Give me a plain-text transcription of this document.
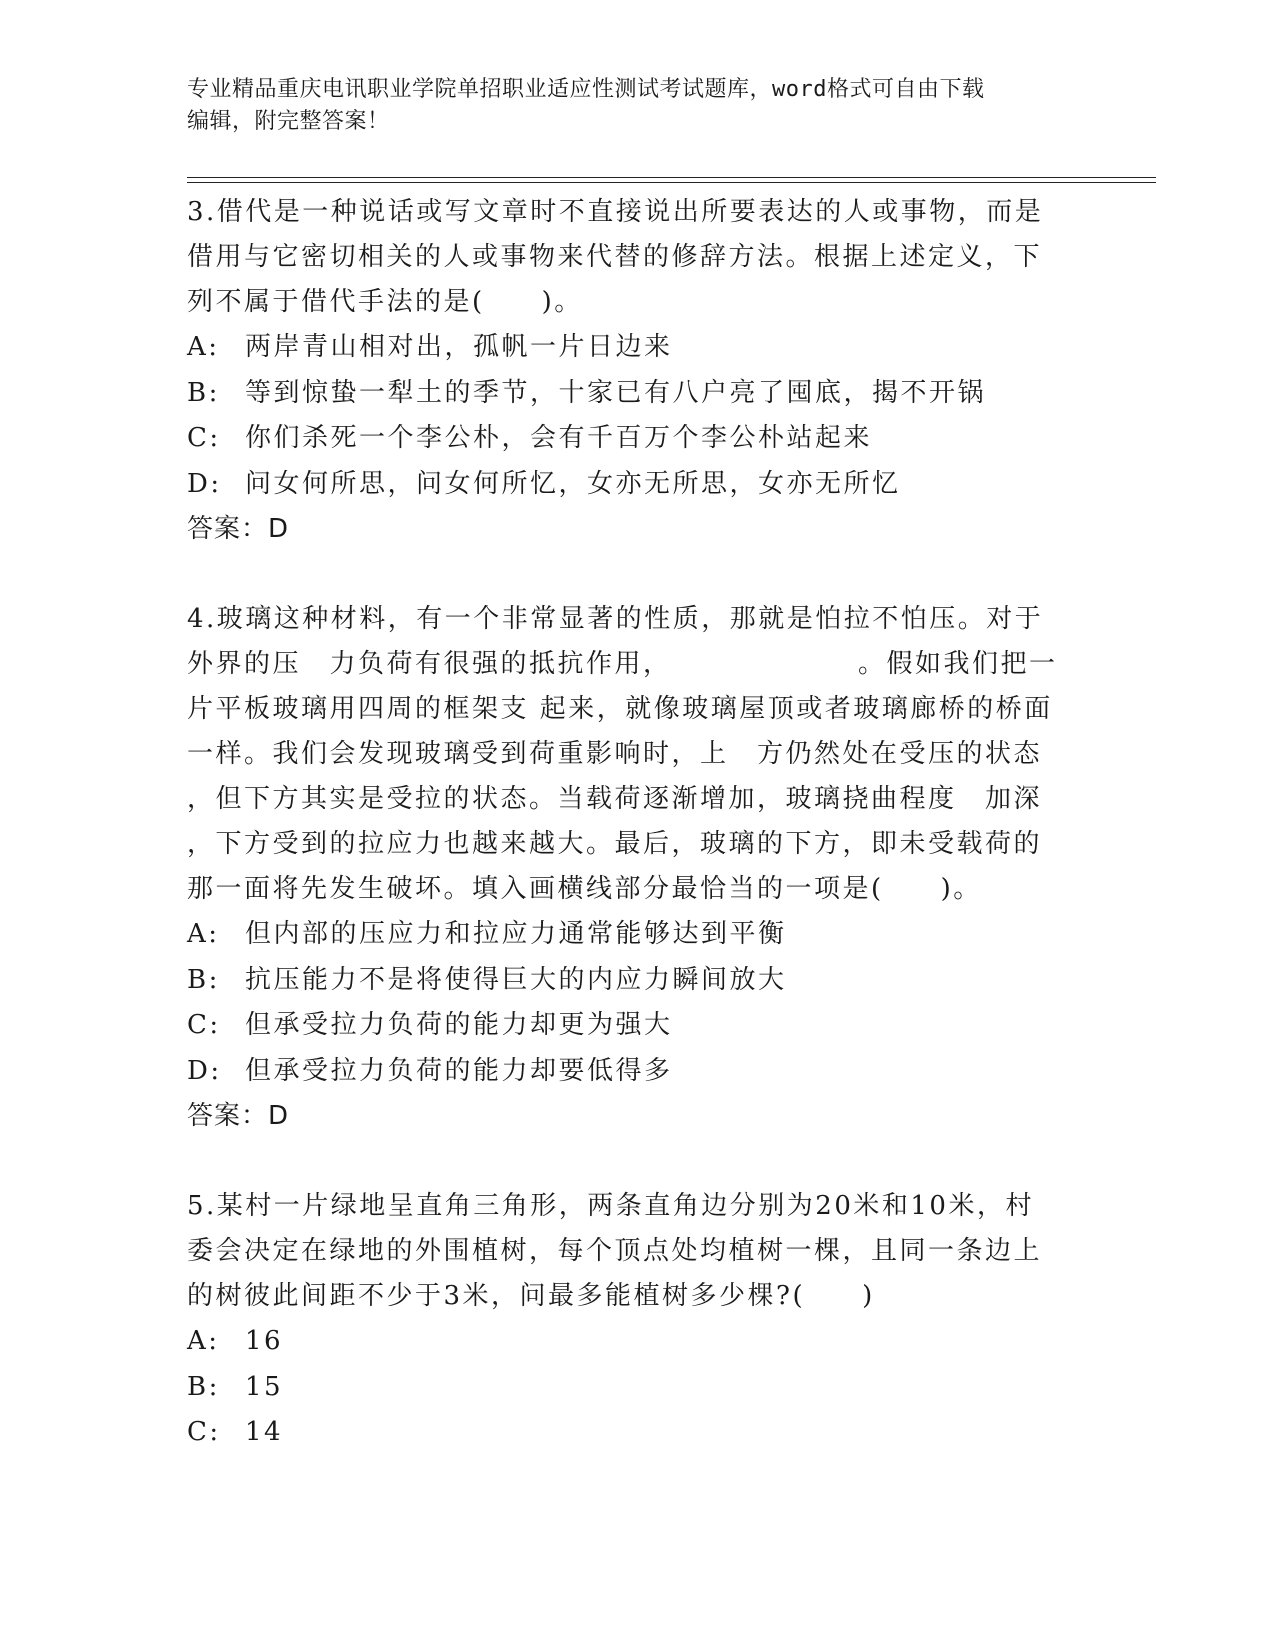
专业精品重庆电讯职业学院单招职业适应性测试考试题库，word格式可自由下载
编辑，附完整答案！
3.借代是一种说话或写文章时不直接说出所要表达的人或事物，而是
借用与它密切相关的人或事物来代替的修辞方法。根据上述定义，下
列不属于借代手法的是(　　)。
A: 两岸青山相对出，孤帆一片日边来
B: 等到惊蛰一犁土的季节，十家已有八户亮了囤底，揭不开锅
C: 你们杀死一个李公朴，会有千百万个李公朴站起来
D: 问女何所思，问女何所忆，女亦无所思，女亦无所忆
答案：D
4.玻璃这种材料，有一个非常显著的性质，那就是怕拉不怕压。对于
外界的压　力负荷有很强的抵抗作用，　　　　　　　。假如我们把一
片平板玻璃用四周的框架支 起来，就像玻璃屋顶或者玻璃廊桥的桥面
一样。我们会发现玻璃受到荷重影响时，上　方仍然处在受压的状态
，但下方其实是受拉的状态。当载荷逐渐增加，玻璃挠曲程度　加深
，下方受到的拉应力也越来越大。最后，玻璃的下方，即未受载荷的
那一面将先发生破坏。填入画横线部分最恰当的一项是(　　)。
A: 但内部的压应力和拉应力通常能够达到平衡
B: 抗压能力不是将使得巨大的内应力瞬间放大
C: 但承受拉力负荷的能力却更为强大
D: 但承受拉力负荷的能力却要低得多
答案：D
5.某村一片绿地呈直角三角形，两条直角边分别为20米和10米，村
委会决定在绿地的外围植树，每个顶点处均植树一棵，且同一条边上
的树彼此间距不少于3米，问最多能植树多少棵?(　　)
A: 16
B: 15
C: 14
